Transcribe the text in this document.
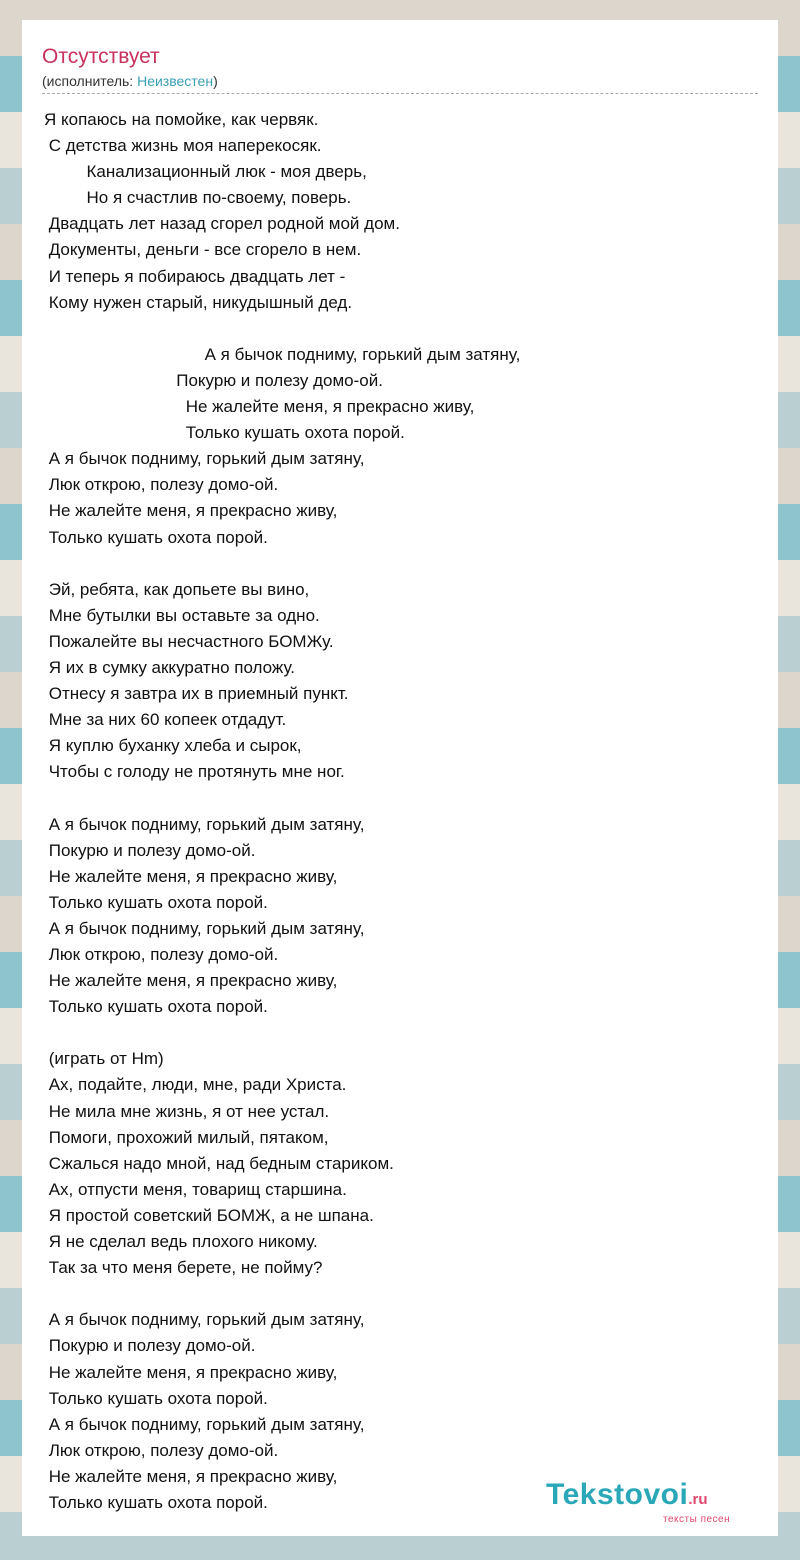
Отсутствует
(исполнитель: Неизвестен)
Я копаюсь на помойке, как червяк.
С детства жизнь моя наперекосяк.
Канализационный люк - моя дверь,
Но я счастлив по-своему, поверь.
Двадцать лет назад сгорел родной мой дом.
Документы, деньги - все сгорело в нем.
И теперь я побираюсь двадцать лет -
Кому нужен старый, никудышный дед.

А я бычок подниму, горький дым затяну,
Покурю и полезу домо-ой.
Не жалейте меня, я прекрасно живу,
Только кушать охота порой.
А я бычок подниму, горький дым затяну,
Люк открою, полезу домо-ой.
Не жалейте меня, я прекрасно живу,
Только кушать охота порой.

Эй, ребята, как допьете вы вино,
Мне бутылки вы оставьте за одно.
Пожалейте вы несчастного БОМЖу.
Я их в сумку аккуратно положу.
Отнесу я завтра их в приемный пункт.
Мне за них 60 копеек отдадут.
Я куплю буханку хлеба и сырок,
Чтобы с голоду не протянуть мне ног.

А я бычок подниму, горький дым затяну,
Покурю и полезу домо-ой.
Не жалейте меня, я прекрасно живу,
Только кушать охота порой.
А я бычок подниму, горький дым затяну,
Люк открою, полезу домо-ой.
Не жалейте меня, я прекрасно живу,
Только кушать охота порой.

(играть от Hm)
Ах, подайте, люди, мне, ради Христа.
Не мила мне жизнь, я от нее устал.
Помоги, прохожий милый, пятаком,
Сжалься надо мной, над бедным стариком.
Ах, отпусти меня, товарищ старшина.
Я простой советский БОМЖ, а не шпана.
Я не сделал ведь плохого никому.
Так за что меня берете, не пойму?

А я бычок подниму, горький дым затяну,
Покурю и полезу домо-ой.
Не жалейте меня, я прекрасно живу,
Только кушать охота порой.
А я бычок подниму, горький дым затяну,
Люк открою, полезу домо-ой.
Не жалейте меня, я прекрасно живу,
Только кушать охота порой.	Tekstovoi.ru
тексты песен
